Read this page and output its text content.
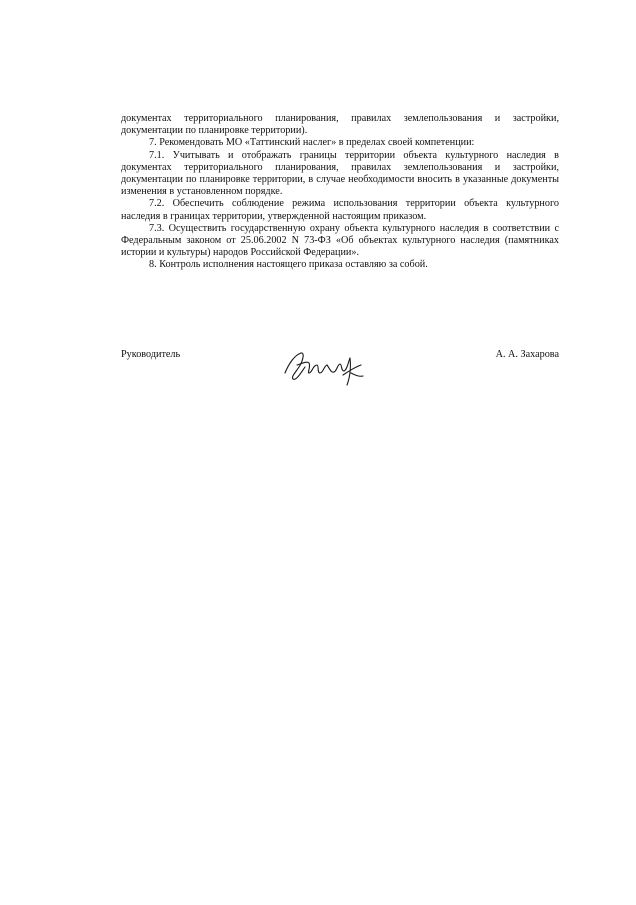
документах территориального планирования, правилах землепользования и застройки, документации по планировке территории).

7. Рекомендовать МО «Таттинский наслег» в пределах своей компетенции:

7.1. Учитывать и отображать границы территории объекта культурного наследия в документах территориального планирования, правилах землепользования и застройки, документации по планировке территории, в случае необходимости вносить в указанные документы изменения в установленном порядке.

7.2. Обеспечить соблюдение режима использования территории объекта культурного наследия в границах территории, утвержденной настоящим приказом.

7.3. Осуществить государственную охрану объекта культурного наследия в соответствии с Федеральным законом от 25.06.2002 N 73-ФЗ «Об объектах культурного наследия (памятниках истории и культуры) народов Российской Федерации».

8. Контроль исполнения настоящего приказа оставляю за собой.

Руководитель	А. А. Захарова
